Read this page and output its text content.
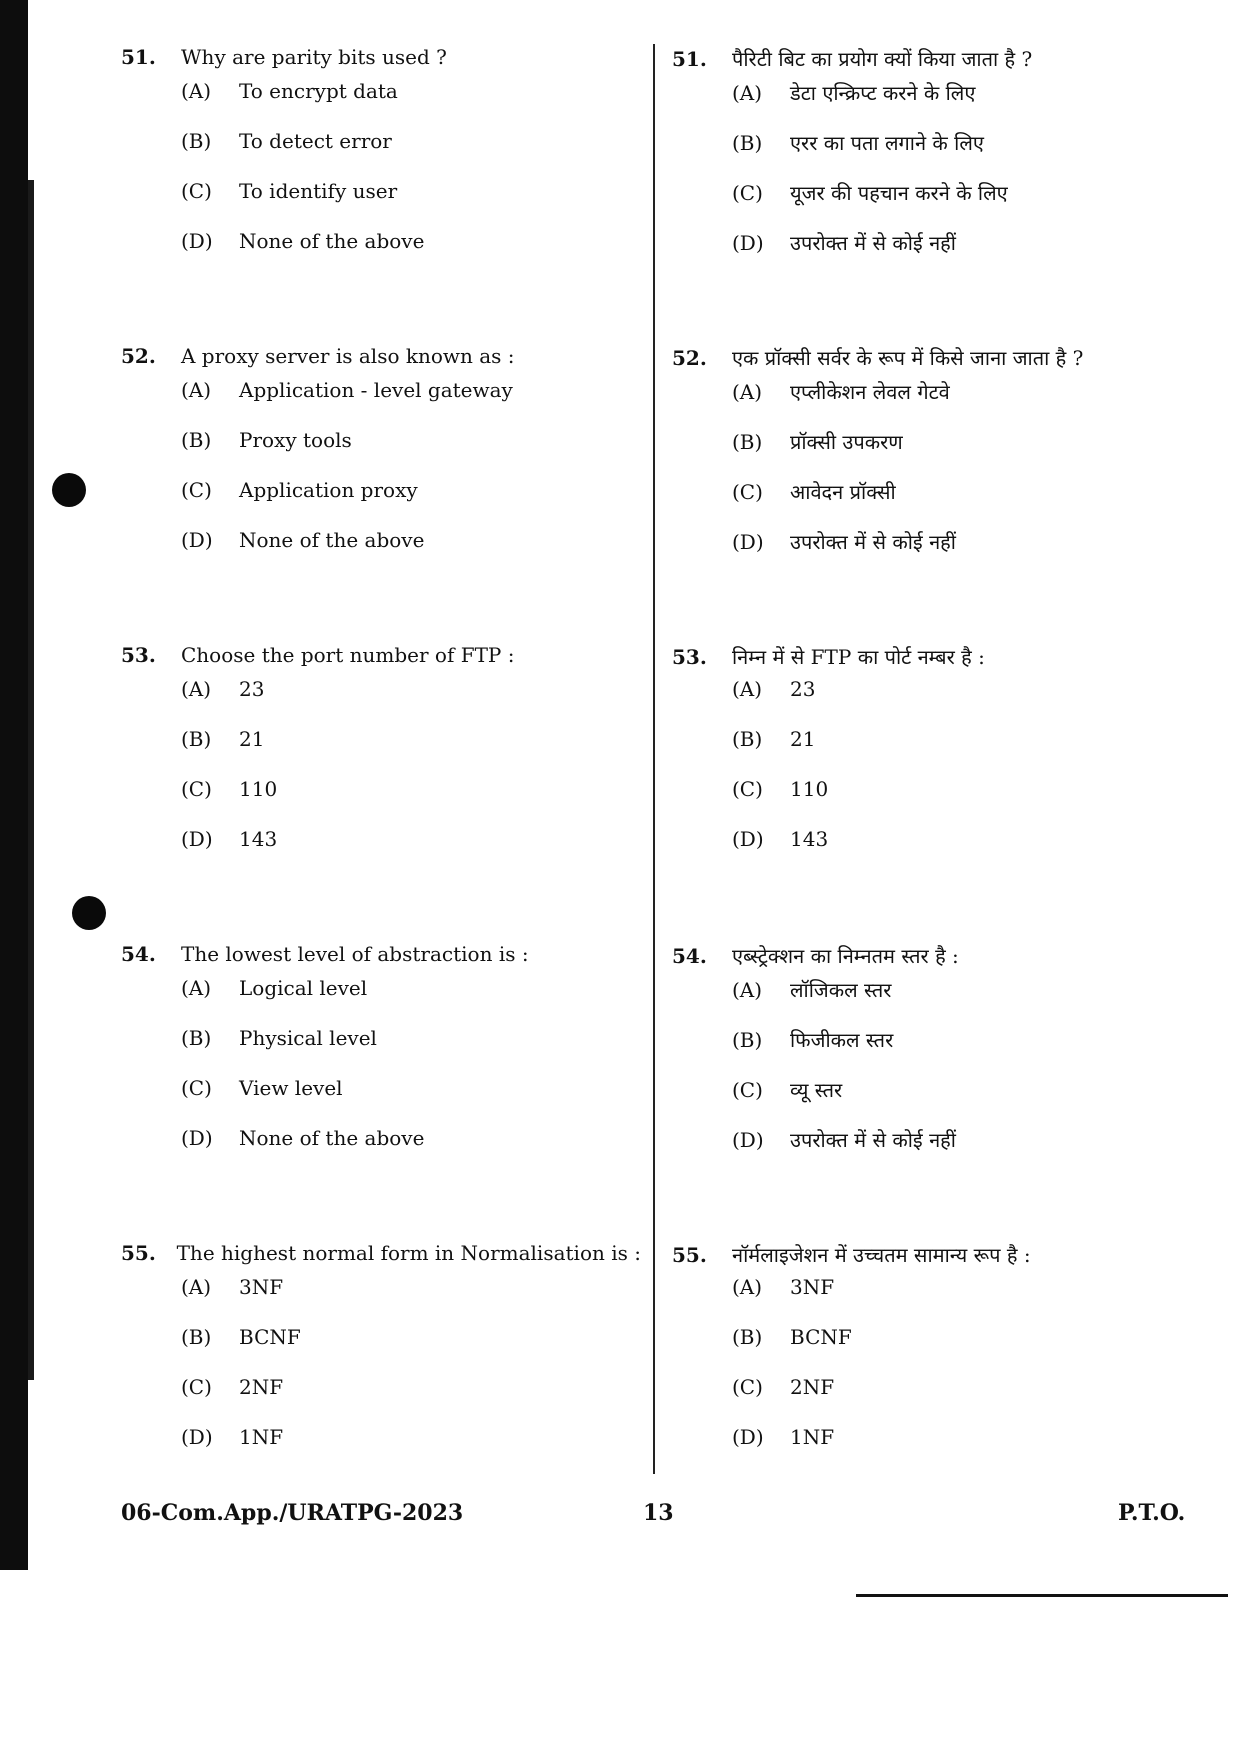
51.	Why are parity bits used ?
(A)	To encrypt data
(B)	To detect error
(C)	To identify user
(D)	None of the above
52.	A proxy server is also known as :
(A)	Application - level gateway
(B)	Proxy tools
(C)	Application proxy
(D)	None of the above
53.	Choose the port number of FTP :
(A)	23
(B)	21
(C)	110
(D)	143
54.	The lowest level of abstraction is :
(A)	Logical level
(B)	Physical level
(C)	View level
(D)	None of the above
55.	The highest normal form in Normalisation is :
(A)	3NF
(B)	BCNF
(C)	2NF
(D)	1NF
51.	पैरिटी बिट का प्रयोग क्यों किया जाता है ?
(A)	डेटा एन्क्रिप्ट करने के लिए
(B)	एरर का पता लगाने के लिए
(C)	यूजर की पहचान करने के लिए
(D)	उपरोक्त में से कोई नहीं
52.	एक प्रॉक्सी सर्वर के रूप में किसे जाना जाता है ?
(A)	एप्लीकेशन लेवल गेटवे
(B)	प्रॉक्सी उपकरण
(C)	आवेदन प्रॉक्सी
(D)	उपरोक्त में से कोई नहीं
53.	निम्न में से FTP का पोर्ट नम्बर है :
(A)	23
(B)	21
(C)	110
(D)	143
54.	एब्स्ट्रेक्शन का निम्नतम स्तर है :
(A)	लॉजिकल स्तर
(B)	फिजीकल स्तर
(C)	व्यू स्तर
(D)	उपरोक्त में से कोई नहीं
55.	नॉर्मलाइजेशन में उच्चतम सामान्य रूप है :
(A)	3NF
(B)	BCNF
(C)	2NF
(D)	1NF
06-Com.App./URATPG-2023	13	P.T.O.
